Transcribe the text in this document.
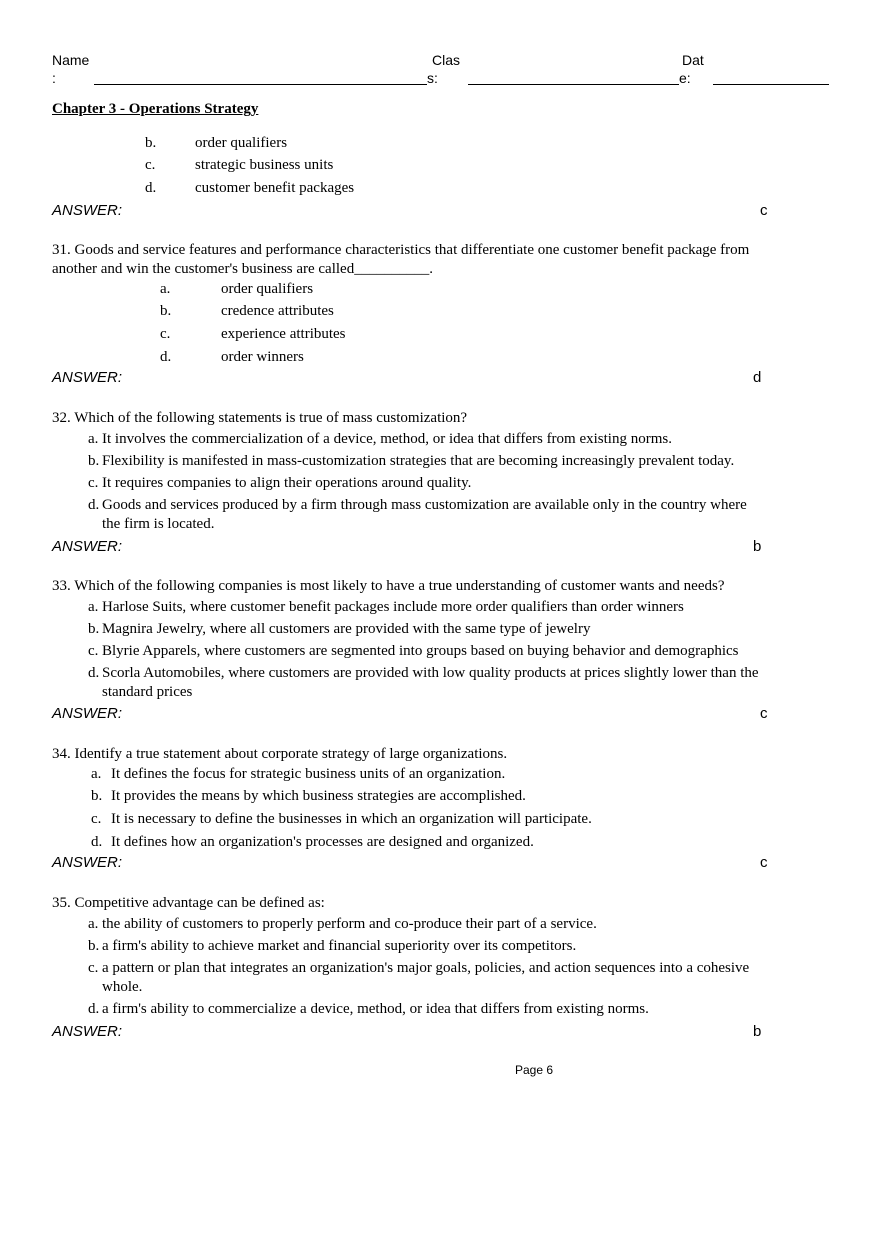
Name
:
Clas
s:
Dat
e:
Chapter 3 - Operations Strategy
b.	order qualifiers
c.	strategic business units
d.	customer benefit packages
ANSWER:	c
31. Goods and service features and performance characteristics that differentiate one customer benefit package from
another and win the customer's business are called__________.
a.	order qualifiers
b.	credence attributes
c.	experience attributes
d.	order winners
ANSWER:	d
32. Which of the following statements is true of mass customization?
a. It involves the commercialization of a device, method, or idea that differs from existing norms.
b. Flexibility is manifested in mass-customization strategies that are becoming increasingly prevalent today.
c. It requires companies to align their operations around quality.
d. Goods and services produced by a firm through mass customization are available only in the country where
the firm is located.
ANSWER:	b
33. Which of the following companies is most likely to have a true understanding of customer wants and needs?
a. Harlose Suits, where customer benefit packages include more order qualifiers than order winners
b. Magnira Jewelry, where all customers are provided with the same type of jewelry
c. Blyrie Apparels, where customers are segmented into groups based on buying behavior and demographics
d. Scorla Automobiles, where customers are provided with low quality products at prices slightly lower than the
standard prices
ANSWER:	c
34. Identify a true statement about corporate strategy of large organizations.
a. It defines the focus for strategic business units of an organization.
b. It provides the means by which business strategies are accomplished.
c. It is necessary to define the businesses in which an organization will participate.
d. It defines how an organization's processes are designed and organized.
ANSWER:	c
35. Competitive advantage can be defined as:
a. the ability of customers to properly perform and co-produce their part of a service.
b. a firm's ability to achieve market and financial superiority over its competitors.
c. a pattern or plan that integrates an organization's major goals, policies, and action sequences into a cohesive
whole.
d. a firm's ability to commercialize a device, method, or idea that differs from existing norms.
ANSWER:	b
Page 6
